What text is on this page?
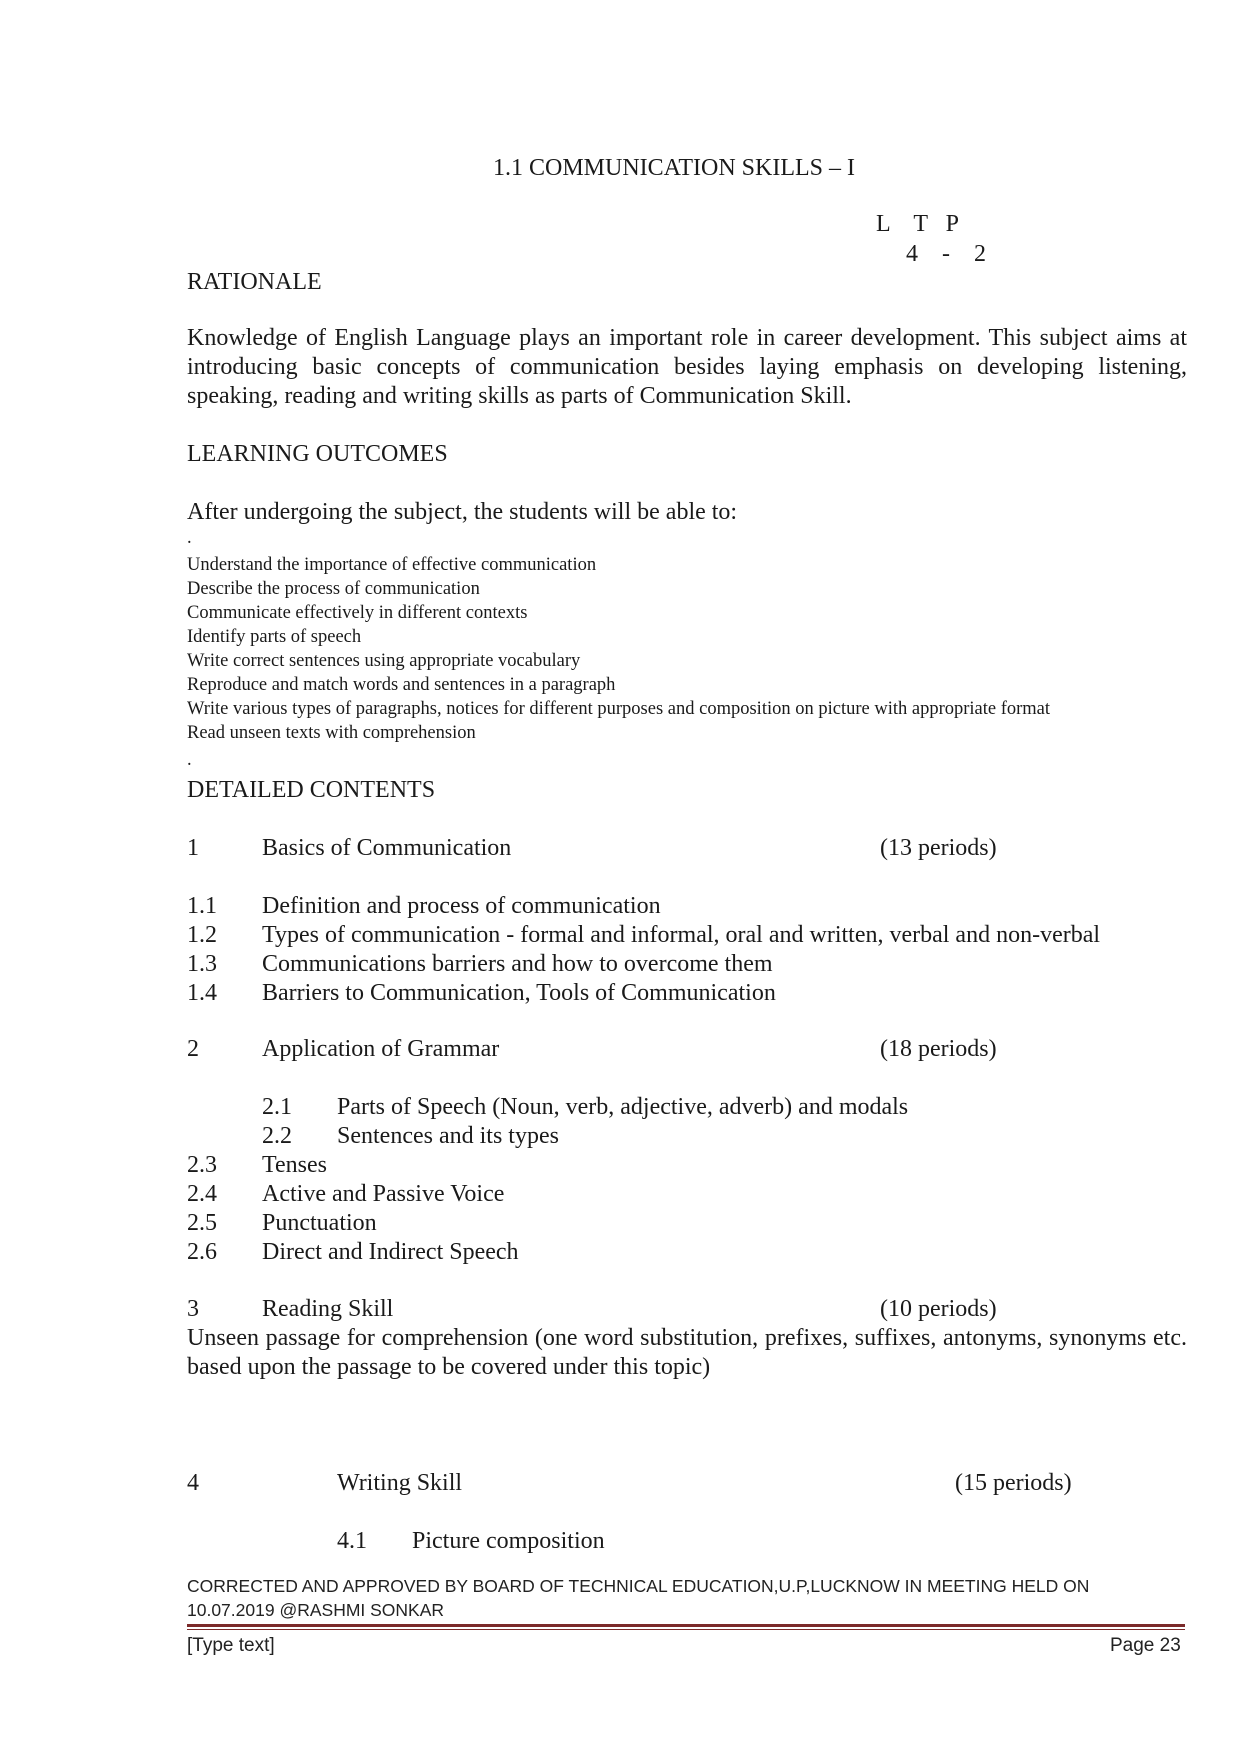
1.1 COMMUNICATION SKILLS – I
L    T   P
4    -    2
RATIONALE
Knowledge of English Language plays an important role in career development. This subject aims at introducing basic concepts of communication besides laying emphasis on developing listening, speaking, reading and writing skills as parts of Communication Skill.
LEARNING OUTCOMES
After undergoing the subject, the students will be able to:
.
Understand the importance of effective communication
Describe the process of communication
Communicate effectively in different contexts
Identify parts of speech
Write correct sentences using appropriate vocabulary
Reproduce and match words and sentences in a paragraph
Write various types of paragraphs, notices for different purposes and composition on picture with appropriate format
Read unseen texts with comprehension
.
DETAILED CONTENTS
1	Basics of Communication	(13 periods)
1.1 Definition and process of communication
1.2 Types of communication - formal and informal, oral and written, verbal and non-verbal
1.3 Communications barriers and how to overcome them
1.4 Barriers to Communication, Tools of Communication
2	Application of Grammar	(18 periods)
2.1 Parts of Speech (Noun, verb, adjective, adverb) and modals
2.2 Sentences and its types
2.3 Tenses
2.4 Active and Passive Voice
2.5 Punctuation
2.6 Direct and Indirect Speech
3	Reading Skill	(10 periods)
Unseen passage for comprehension (one word substitution, prefixes, suffixes, antonyms, synonyms etc. based upon the passage to be covered under this topic)
4	Writing Skill	(15 periods)
4.1 Picture composition
CORRECTED AND APPROVED BY BOARD OF TECHNICAL EDUCATION,U.P,LUCKNOW IN MEETING HELD ON
10.07.2019 @RASHMI SONKAR
[Type text]	Page 23
